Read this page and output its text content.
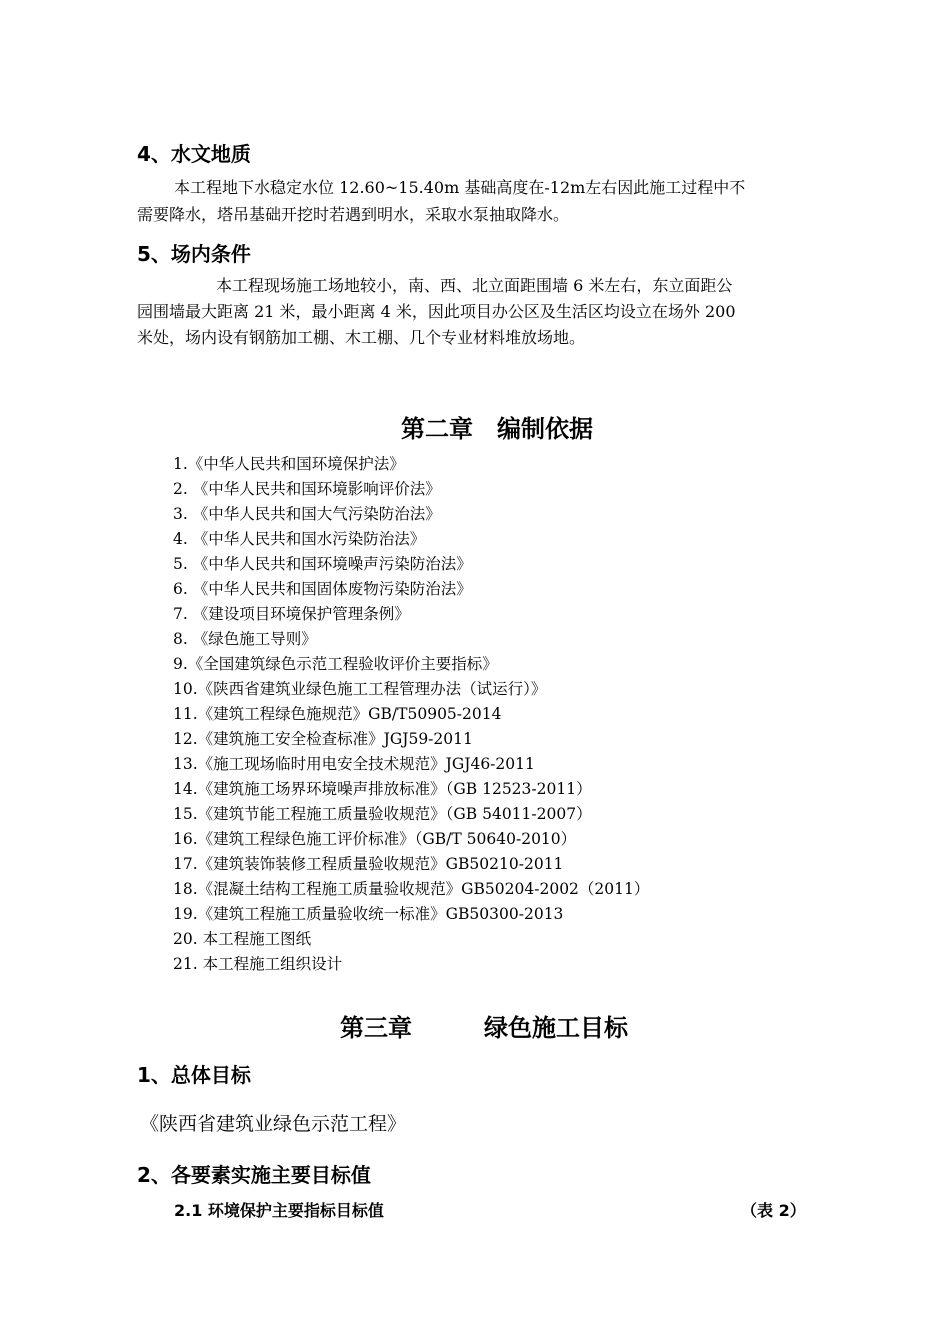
4、水文地质
本工程地下水稳定水位 12.60~15.40m 基础高度在-12m左右因此施工过程中不
需要降水，塔吊基础开挖时若遇到明水，采取水泵抽取降水。
5、场内条件
本工程现场施工场地较小，南、西、北立面距围墙 6 米左右，东立面距公
园围墙最大距离 21 米，最小距离 4 米，因此项目办公区及生活区均设立在场外 200
米处，场内设有钢筋加工棚、木工棚、几个专业材料堆放场地。
第二章　编制依据
1.《中华人民共和国环境保护法》
2. 《中华人民共和国环境影响评价法》
3. 《中华人民共和国大气污染防治法》
4. 《中华人民共和国水污染防治法》
5. 《中华人民共和国环境噪声污染防治法》
6. 《中华人民共和国固体废物污染防治法》
7. 《建设项目环境保护管理条例》
8. 《绿色施工导则》
9.《全国建筑绿色示范工程验收评价主要指标》
10.《陕西省建筑业绿色施工工程管理办法（试运行）》
11.《建筑工程绿色施规范》GB/T50905-2014
12.《建筑施工安全检查标准》JGJ59-2011
13.《施工现场临时用电安全技术规范》JGJ46-2011
14.《建筑施工场界环境噪声排放标准》（GB 12523-2011）
15.《建筑节能工程施工质量验收规范》（GB 54011-2007）
16.《建筑工程绿色施工评价标准》（GB/T 50640-2010）
17.《建筑装饰装修工程质量验收规范》GB50210-2011
18.《混凝土结构工程施工质量验收规范》GB50204-2002（2011）
19.《建筑工程施工质量验收统一标准》GB50300-2013
20. 本工程施工图纸
21. 本工程施工组织设计
第三章　　　绿色施工目标
1、总体目标
《陕西省建筑业绿色示范工程》
2、各要素实施主要目标值
2.1 环境保护主要指标目标值	（表 2）
